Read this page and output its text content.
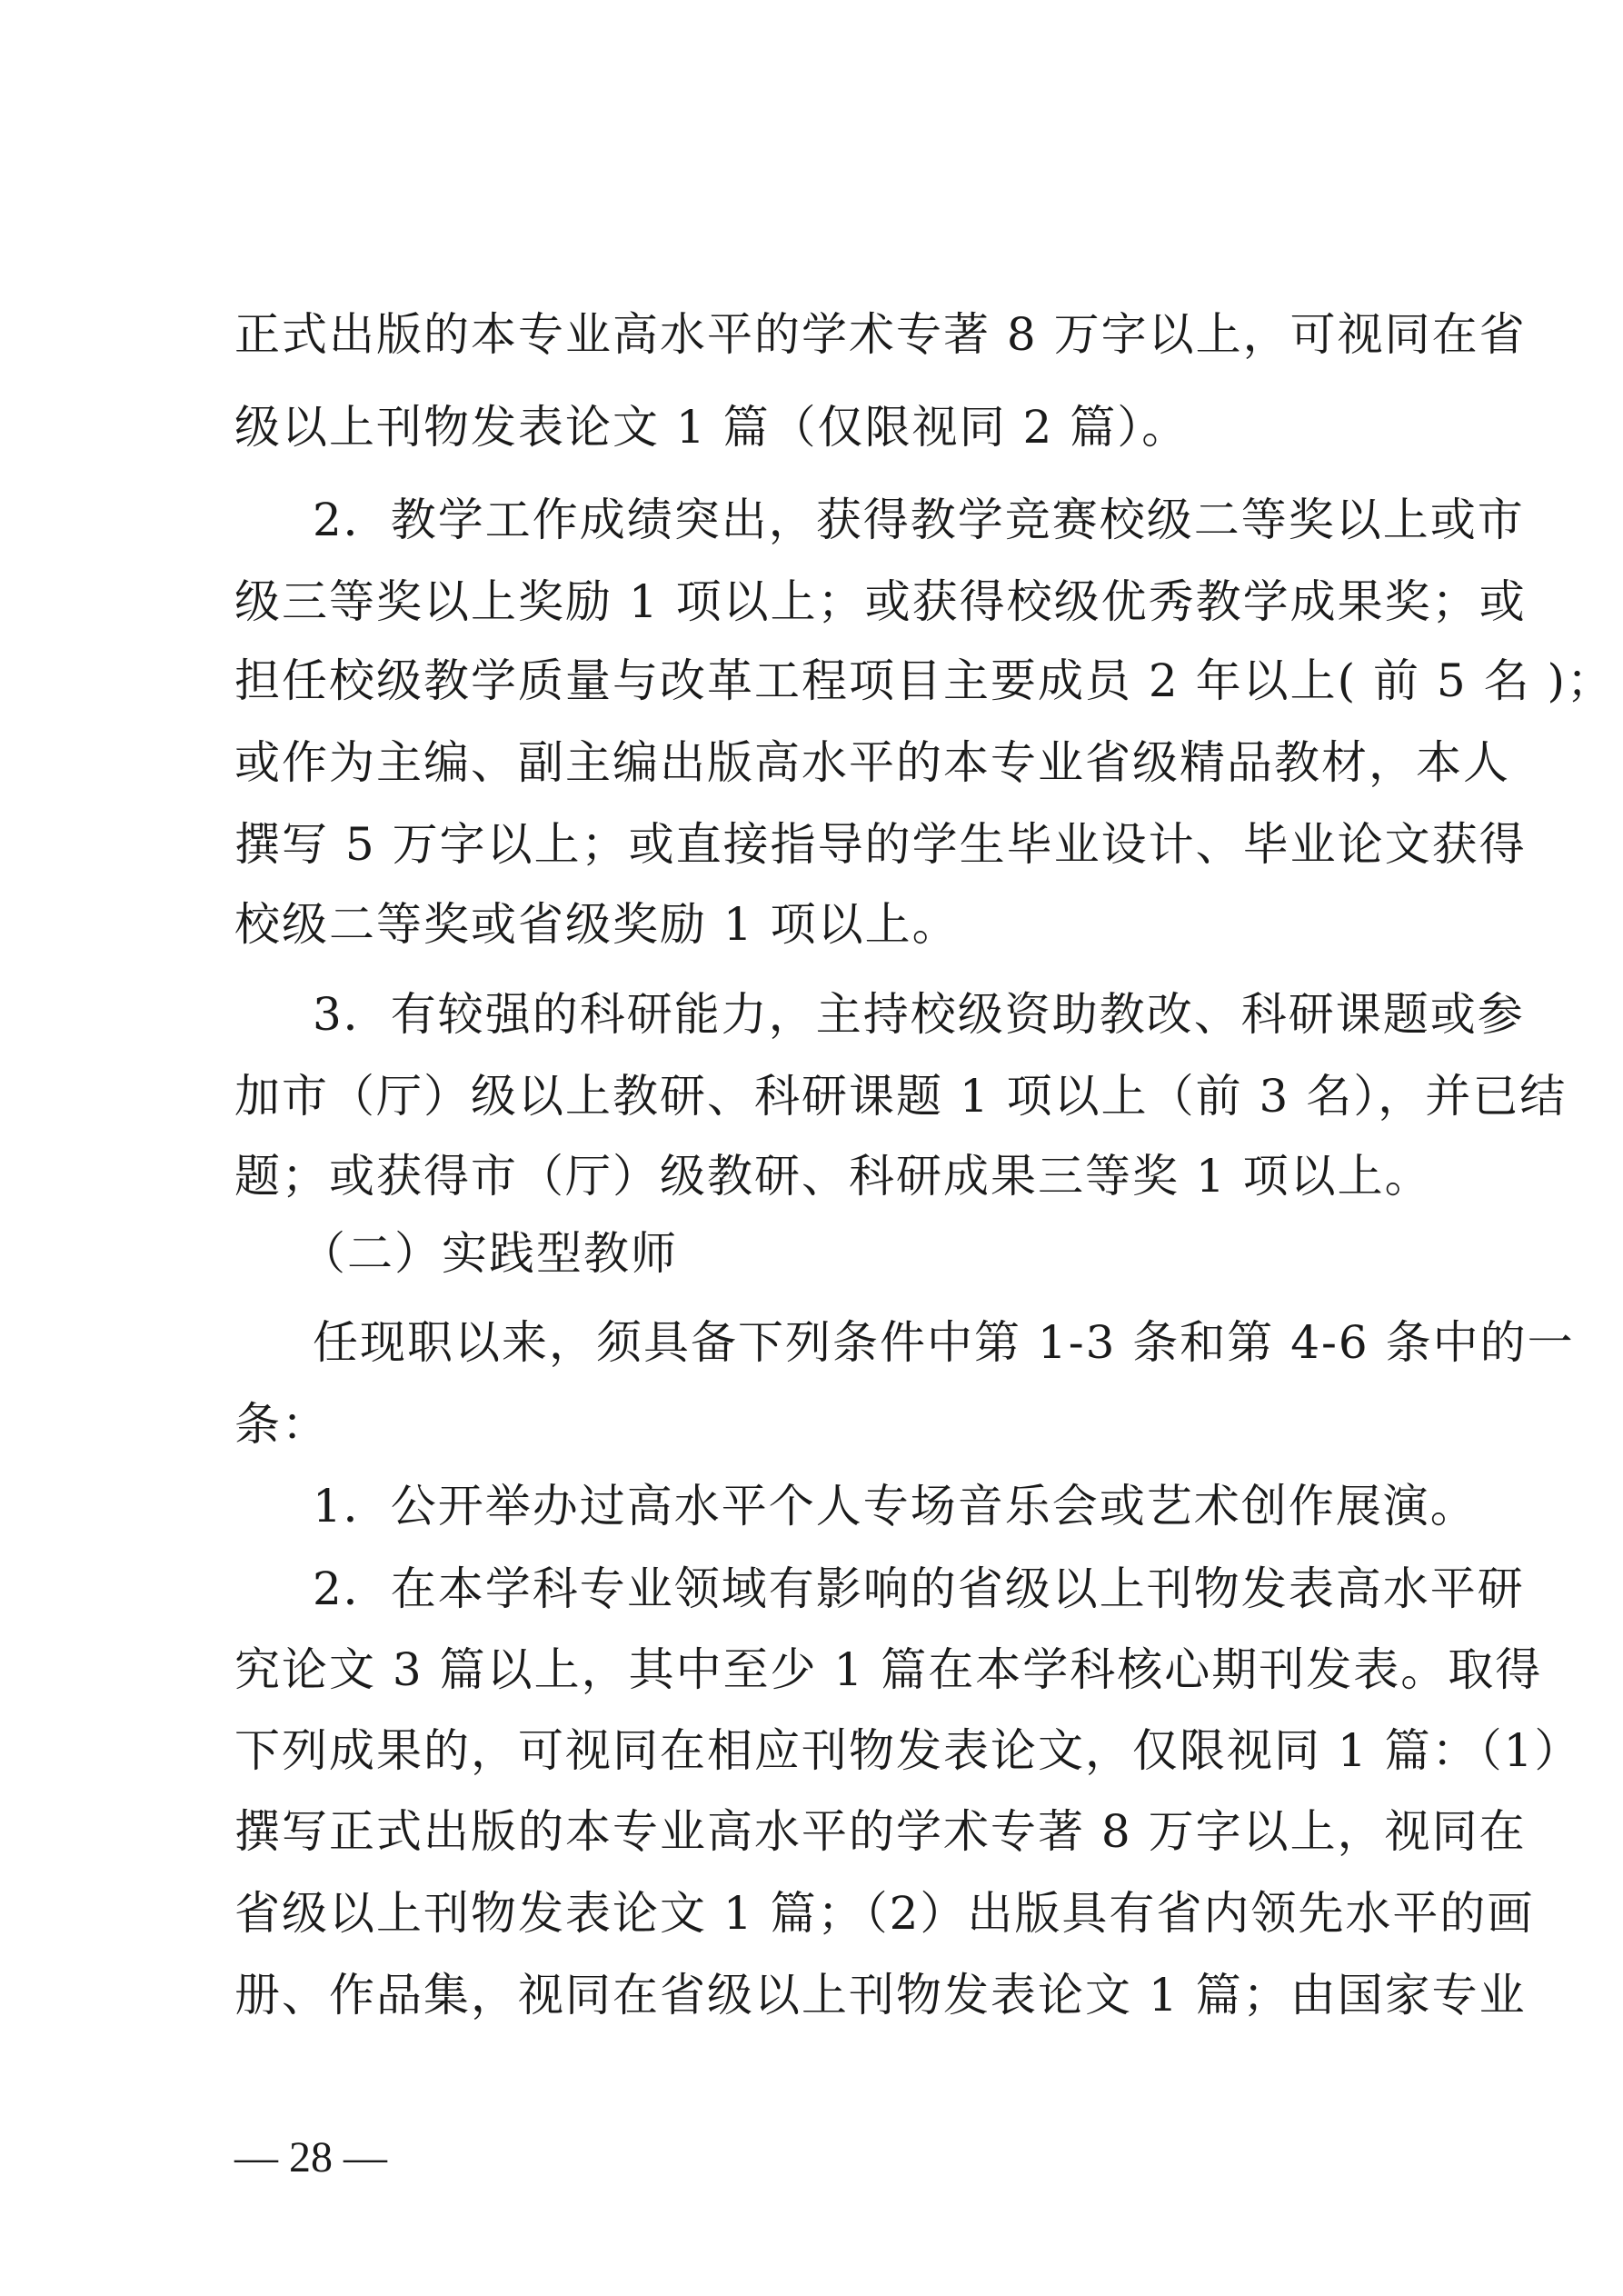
正式出版的本专业高水平的学术专著 8 万字以上，可视同在省
级以上刊物发表论文 1 篇（仅限视同 2 篇）。
2．教学工作成绩突出，获得教学竞赛校级二等奖以上或市
级三等奖以上奖励 1 项以上；或获得校级优秀教学成果奖；或
担任校级教学质量与改革工程项目主要成员 2 年以上( 前 5 名 )；
或作为主编、副主编出版高水平的本专业省级精品教材，本人
撰写 5 万字以上；或直接指导的学生毕业设计、毕业论文获得
校级二等奖或省级奖励 1 项以上。
3．有较强的科研能力，主持校级资助教改、科研课题或参
加市（厅）级以上教研、科研课题 1 项以上（前 3 名），并已结
题；或获得市（厅）级教研、科研成果三等奖 1 项以上。
（二）实践型教师
任现职以来，须具备下列条件中第 1-3 条和第 4-6 条中的一
条：
1．公开举办过高水平个人专场音乐会或艺术创作展演。
2．在本学科专业领域有影响的省级以上刊物发表高水平研
究论文 3 篇以上，其中至少 1 篇在本学科核心期刊发表。取得
下列成果的，可视同在相应刊物发表论文，仅限视同 1 篇：（1）
撰写正式出版的本专业高水平的学术专著 8 万字以上，视同在
省级以上刊物发表论文 1 篇；（2）出版具有省内领先水平的画
册、作品集，视同在省级以上刊物发表论文 1 篇；由国家专业
— 28 —
